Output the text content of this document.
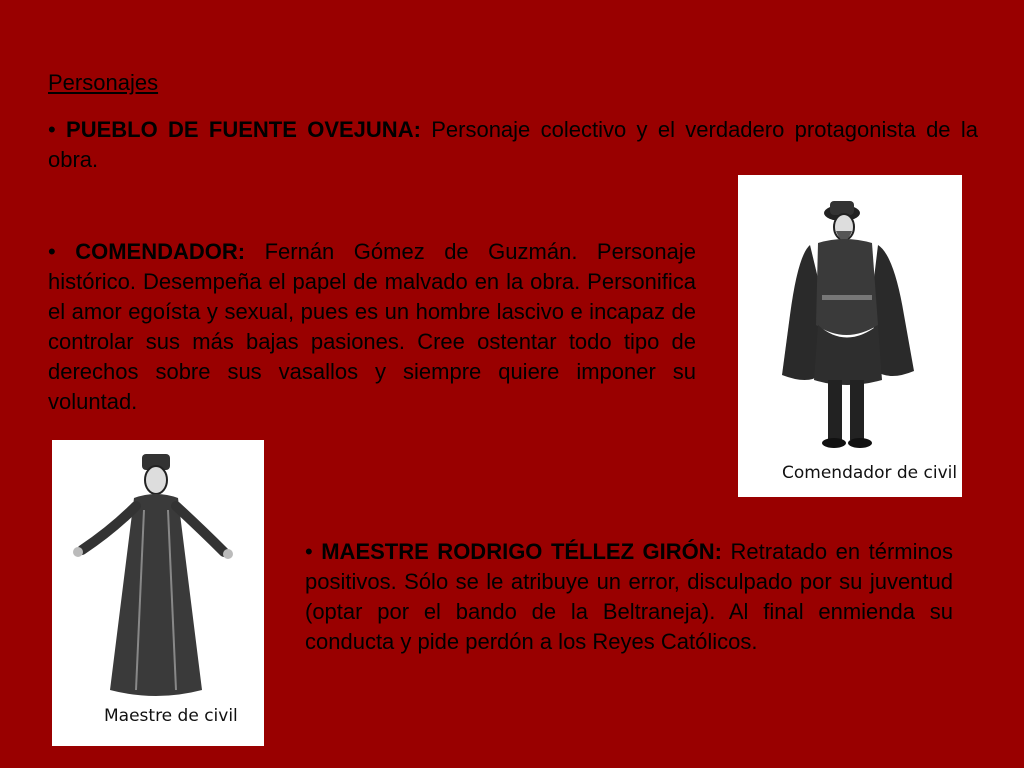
Personajes

• PUEBLO DE FUENTE OVEJUNA: Personaje colectivo y el verdadero protagonista de la obra.

• COMENDADOR: Fernán Gómez de Guzmán. Personaje histórico. Desempeña el papel de malvado en la obra. Personifica el amor egoísta y sexual, pues es un hombre lascivo e incapaz de controlar sus más bajas pasiones. Cree ostentar todo tipo de derechos sobre sus vasallos y siempre quiere imponer su voluntad.

• MAESTRE RODRIGO TÉLLEZ GIRÓN: Retratado en términos positivos. Sólo se le atribuye un error, disculpado por su juventud (optar por el bando de la Beltraneja). Al final enmienda su conducta y pide perdón a los Reyes Católicos.

Comendador de civil
Maestre de civil
